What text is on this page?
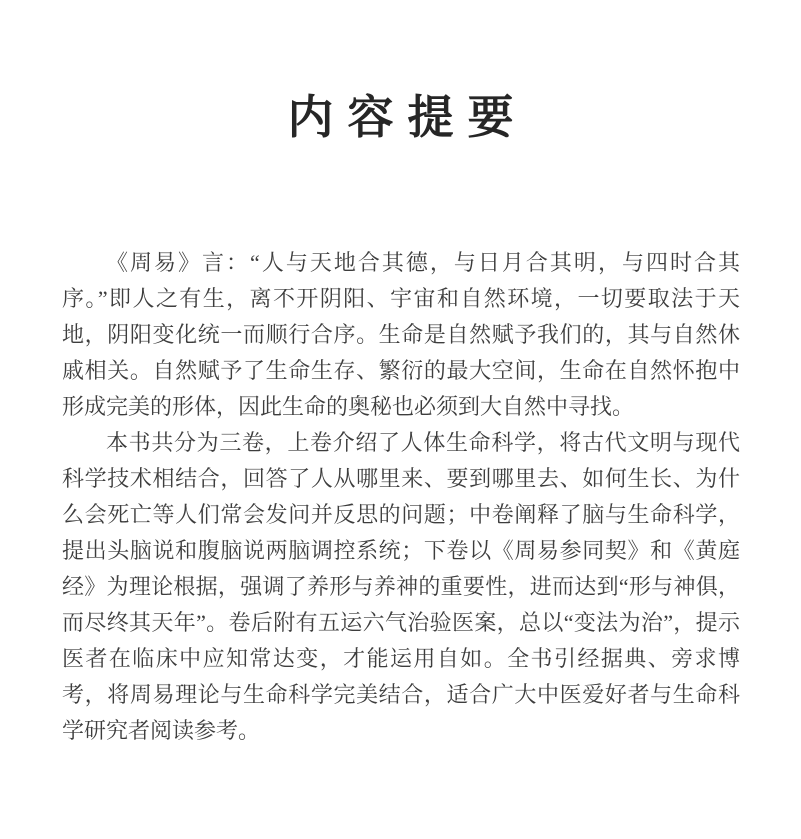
内容提要

《周易》言：“人与天地合其德，与日月合其明，与四时合其序。”即人之有生，离不开阴阳、宇宙和自然环境，一切要取法于天地，阴阳变化统一而顺行合序。生命是自然赋予我们的，其与自然休戚相关。自然赋予了生命生存、繁衍的最大空间，生命在自然怀抱中形成完美的形体，因此生命的奥秘也必须到大自然中寻找。

本书共分为三卷，上卷介绍了人体生命科学，将古代文明与现代科学技术相结合，回答了人从哪里来、要到哪里去、如何生长、为什么会死亡等人们常会发问并反思的问题；中卷阐释了脑与生命科学，提出头脑说和腹脑说两脑调控系统；下卷以《周易参同契》和《黄庭经》为理论根据，强调了养形与养神的重要性，进而达到“形与神俱，而尽终其天年”。卷后附有五运六气治验医案，总以“变法为治”，提示医者在临床中应知常达变，才能运用自如。全书引经据典、旁求博考，将周易理论与生命科学完美结合，适合广大中医爱好者与生命科学研究者阅读参考。
